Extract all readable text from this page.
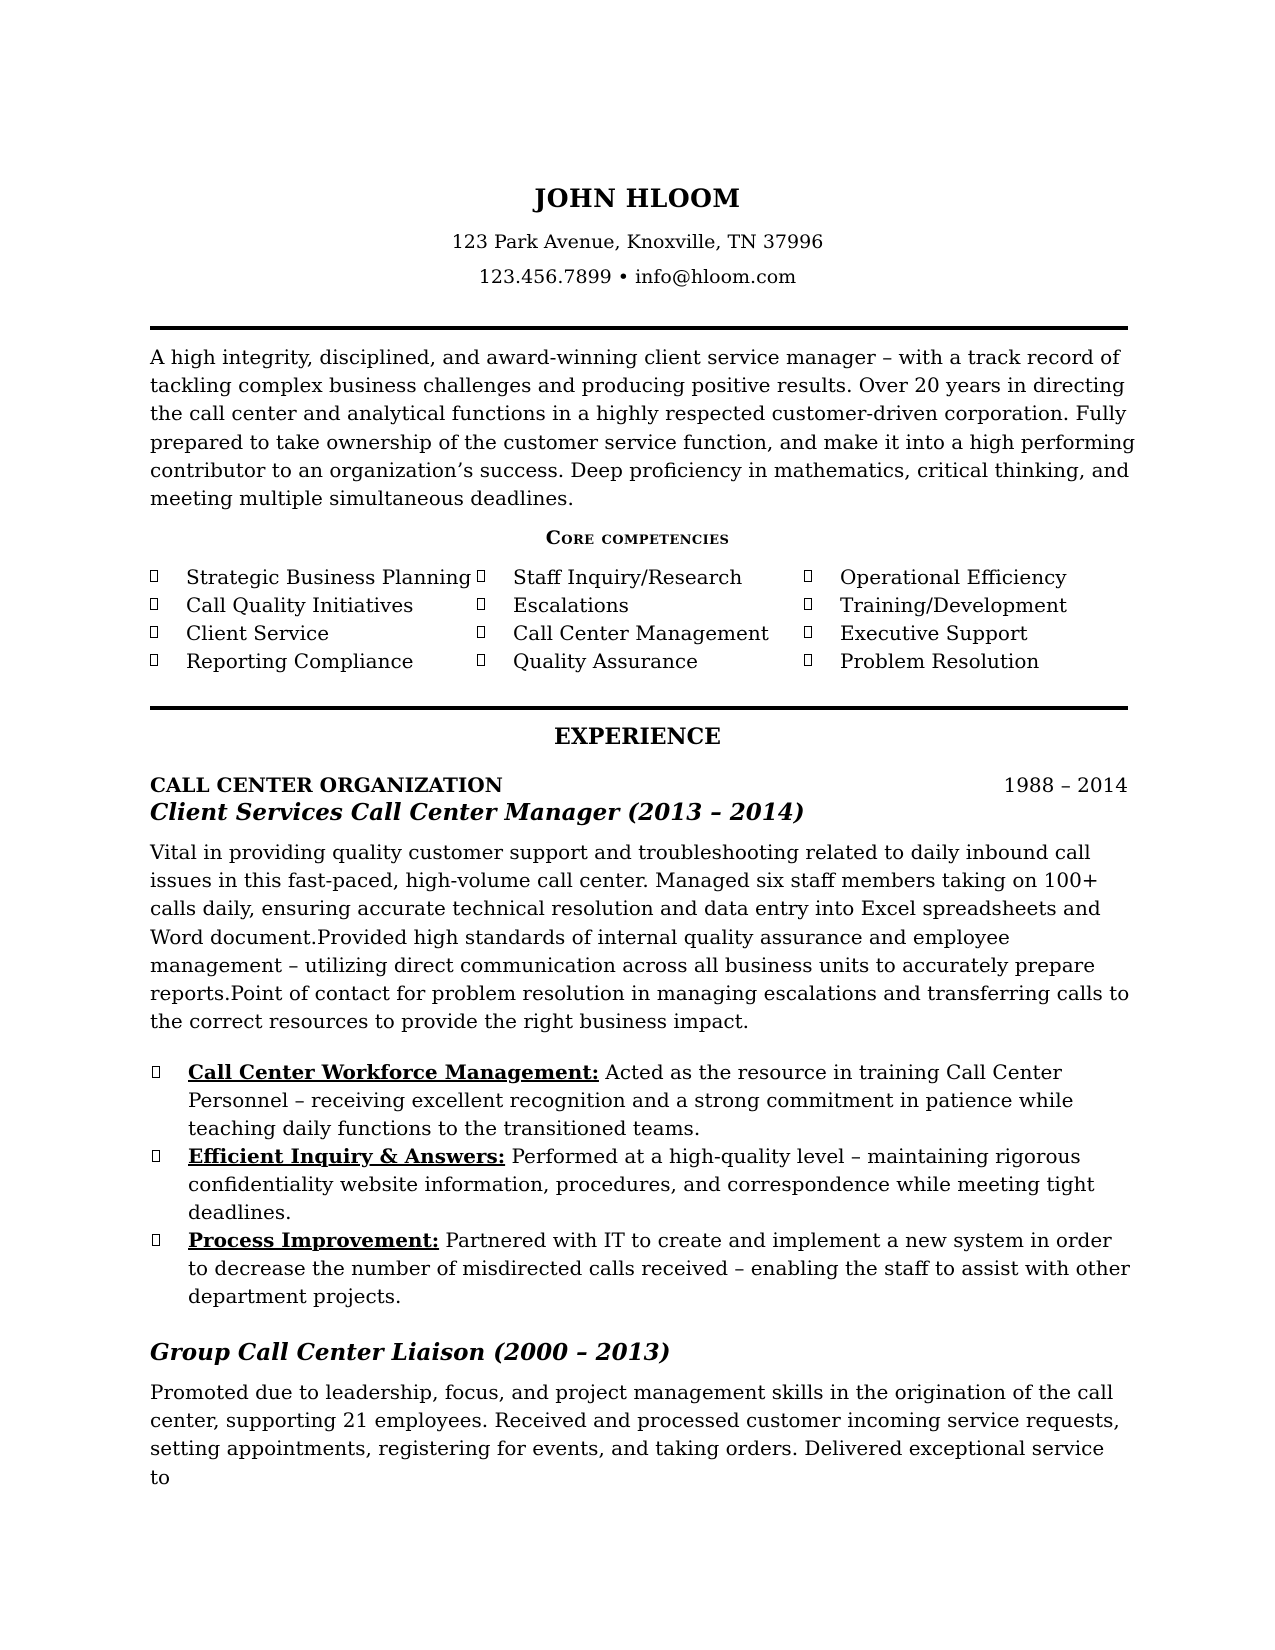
JOHN HLOOM
123 Park Avenue, Knoxville, TN 37996
123.456.7899 • info@hloom.com
A high integrity, disciplined, and award-winning client service manager – with a track record of tackling complex business challenges and producing positive results. Over 20 years in directing the call center and analytical functions in a highly respected customer-driven corporation. Fully prepared to take ownership of the customer service function, and make it into a high performing contributor to an organization’s success. Deep proficiency in mathematics, critical thinking, and meeting multiple simultaneous deadlines.
Core competencies
Strategic Business Planning
Call Quality Initiatives
Client Service
Reporting Compliance
Staff Inquiry/Research
Escalations
Call Center Management
Quality Assurance
Operational Efficiency
Training/Development
Executive Support
Problem Resolution
EXPERIENCE
CALL CENTER ORGANIZATION	1988 – 2014
Client Services Call Center Manager (2013 – 2014)
Vital in providing quality customer support and troubleshooting related to daily inbound call issues in this fast-paced, high-volume call center. Managed six staff members taking on 100+ calls daily, ensuring accurate technical resolution and data entry into Excel spreadsheets and Word document.Provided high standards of internal quality assurance and employee management – utilizing direct communication across all business units to accurately prepare reports.Point of contact for problem resolution in managing escalations and transferring calls to the correct resources to provide the right business impact.
Call Center Workforce Management: Acted as the resource in training Call Center Personnel – receiving excellent recognition and a strong commitment in patience while teaching daily functions to the transitioned teams.
Efficient Inquiry & Answers: Performed at a high-quality level – maintaining rigorous confidentiality website information, procedures, and correspondence while meeting tight deadlines.
Process Improvement: Partnered with IT to create and implement a new system in order to decrease the number of misdirected calls received – enabling the staff to assist with other department projects.
Group Call Center Liaison (2000 – 2013)
Promoted due to leadership, focus, and project management skills in the origination of the call center, supporting 21 employees. Received and processed customer incoming service requests, setting appointments, registering for events, and taking orders. Delivered exceptional service to
